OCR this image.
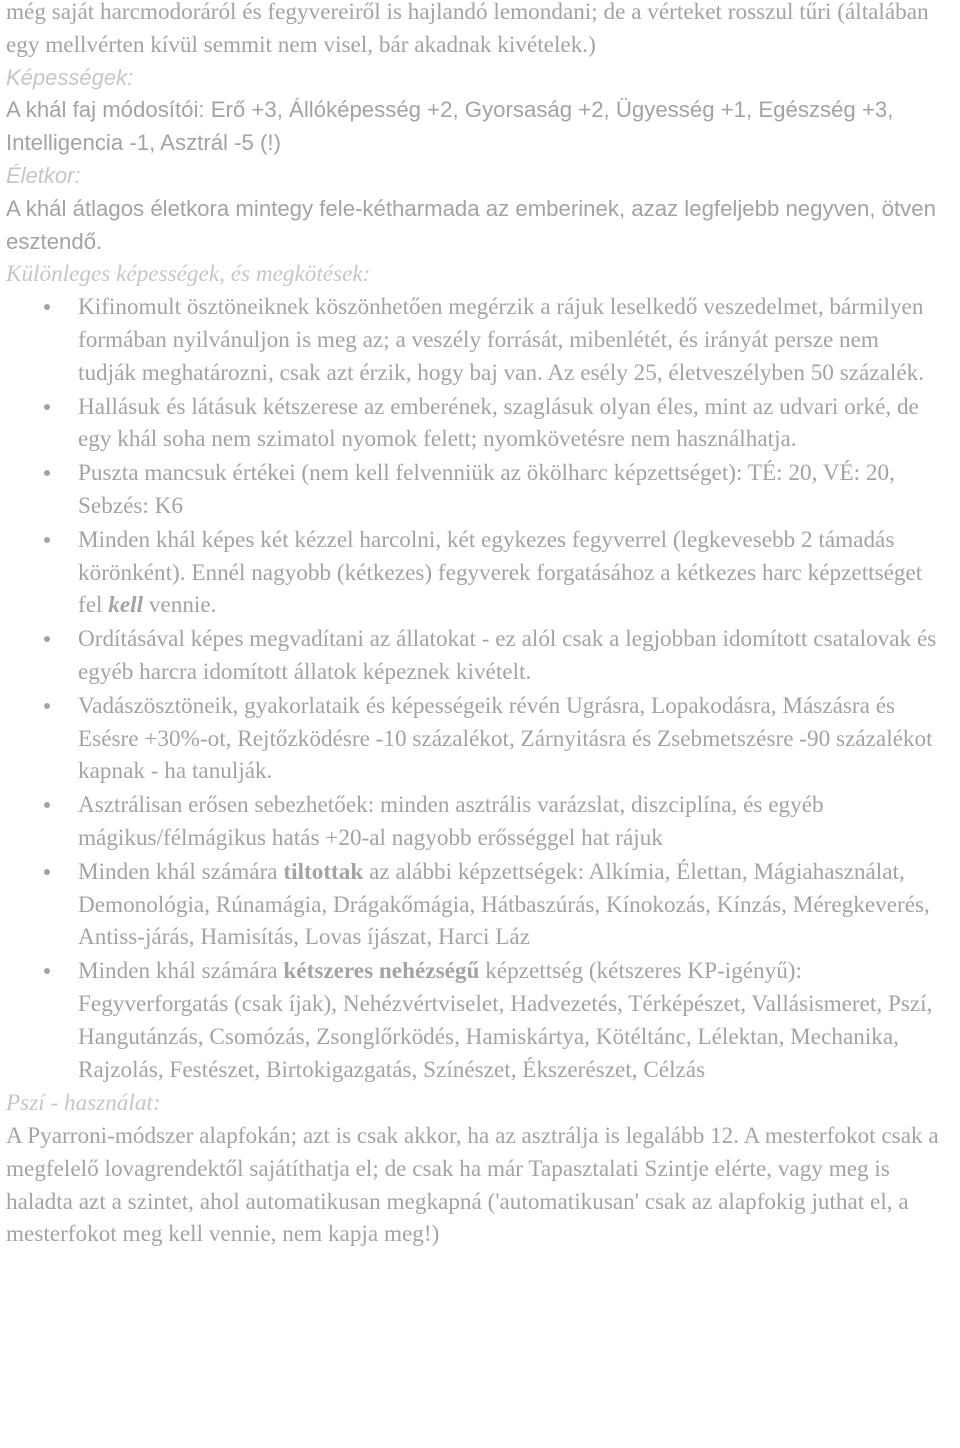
még saját harcmodoráról és fegyvereiről is hajlandó lemondani; de a vérteket rosszul tűri (általában egy mellvérten kívül semmit nem visel, bár akadnak kivételek.)

Képességek:

A khál faj módosítói: Erő +3, Állóképesség +2, Gyorsaság +2, Ügyesség +1, Egészség +3, Intelligencia -1, Asztrál -5 (!)

Életkor:

A khál átlagos életkora mintegy fele-kétharmada az emberinek, azaz legfeljebb negyven, ötven esztendő.

Különleges képességek, és megkötések:

Kifinomult ösztöneiknek köszönhetően megérzik a rájuk leselkedő veszedelmet, bármilyen formában nyilvánuljon is meg az; a veszély forrását, mibenlétét, és irányát persze nem tudják meghatározni, csak azt érzik, hogy baj van. Az esély 25, életveszélyben 50 százalék.
Hallásuk és látásuk kétszerese az emberének, szaglásuk olyan éles, mint az udvari orké, de egy khál soha nem szimatol nyomok felett; nyomkövetésre nem használhatja.
Puszta mancsuk értékei (nem kell felvenniük az ökölharc képzettséget): TÉ: 20, VÉ: 20, Sebzés: K6
Minden khál képes két kézzel harcolni, két egykezes fegyverrel (legkevesebb 2 támadás körönként). Ennél nagyobb (kétkezes) fegyverek forgatásához a kétkezes harc képzettséget fel kell vennie.
Ordításával képes megvadítani az állatokat - ez alól csak a legjobban idomított csatalovak és egyéb harcra idomított állatok képeznek kivételt.
Vadászösztöneik, gyakorlataik és képességeik révén Ugrásra, Lopakodásra, Mászásra és Esésre +30%-ot, Rejtőzködésre -10 százalékot, Zárnyitásra és Zsebmetszésre -90 százalékot kapnak - ha tanulják.
Asztrálisan erősen sebezhetőek: minden asztrális varázslat, diszciplína, és egyéb mágikus/félmágikus hatás +20-al nagyobb erősséggel hat rájuk
Minden khál számára tiltottak az alábbi képzettségek: Alkímia, Élettan, Mágiahasználat, Demonológia, Rúnamágia, Drágakőmágia, Hátbaszúrás, Kínokozás, Kínzás, Méregkeverés, Antiss-járás, Hamisítás, Lovas íjászat, Harci Láz
Minden khál számára kétszeres nehézségű képzettség (kétszeres KP-igényű): Fegyverforgatás (csak íjak), Nehézvértviselet, Hadvezetés, Térképészet, Vallásismeret, Pszí, Hangutánzás, Csomózás, Zsonglőrködés, Hamiskártya, Kötéltánc, Lélektan, Mechanika, Rajzolás, Festészet, Birtokigazgatás, Színészet, Ékszerészet, Célzás

Pszí - használat:

A Pyarroni-módszer alapfokán; azt is csak akkor, ha az asztrálja is legalább 12. A mesterfokot csak a megfelelő lovagrendektől sajátíthatja el; de csak ha már Tapasztalati Szintje elérte, vagy meg is haladta azt a szintet, ahol automatikusan megkapná ('automatikusan' csak az alapfokig juthat el, a mesterfokot meg kell vennie, nem kapja meg!)
